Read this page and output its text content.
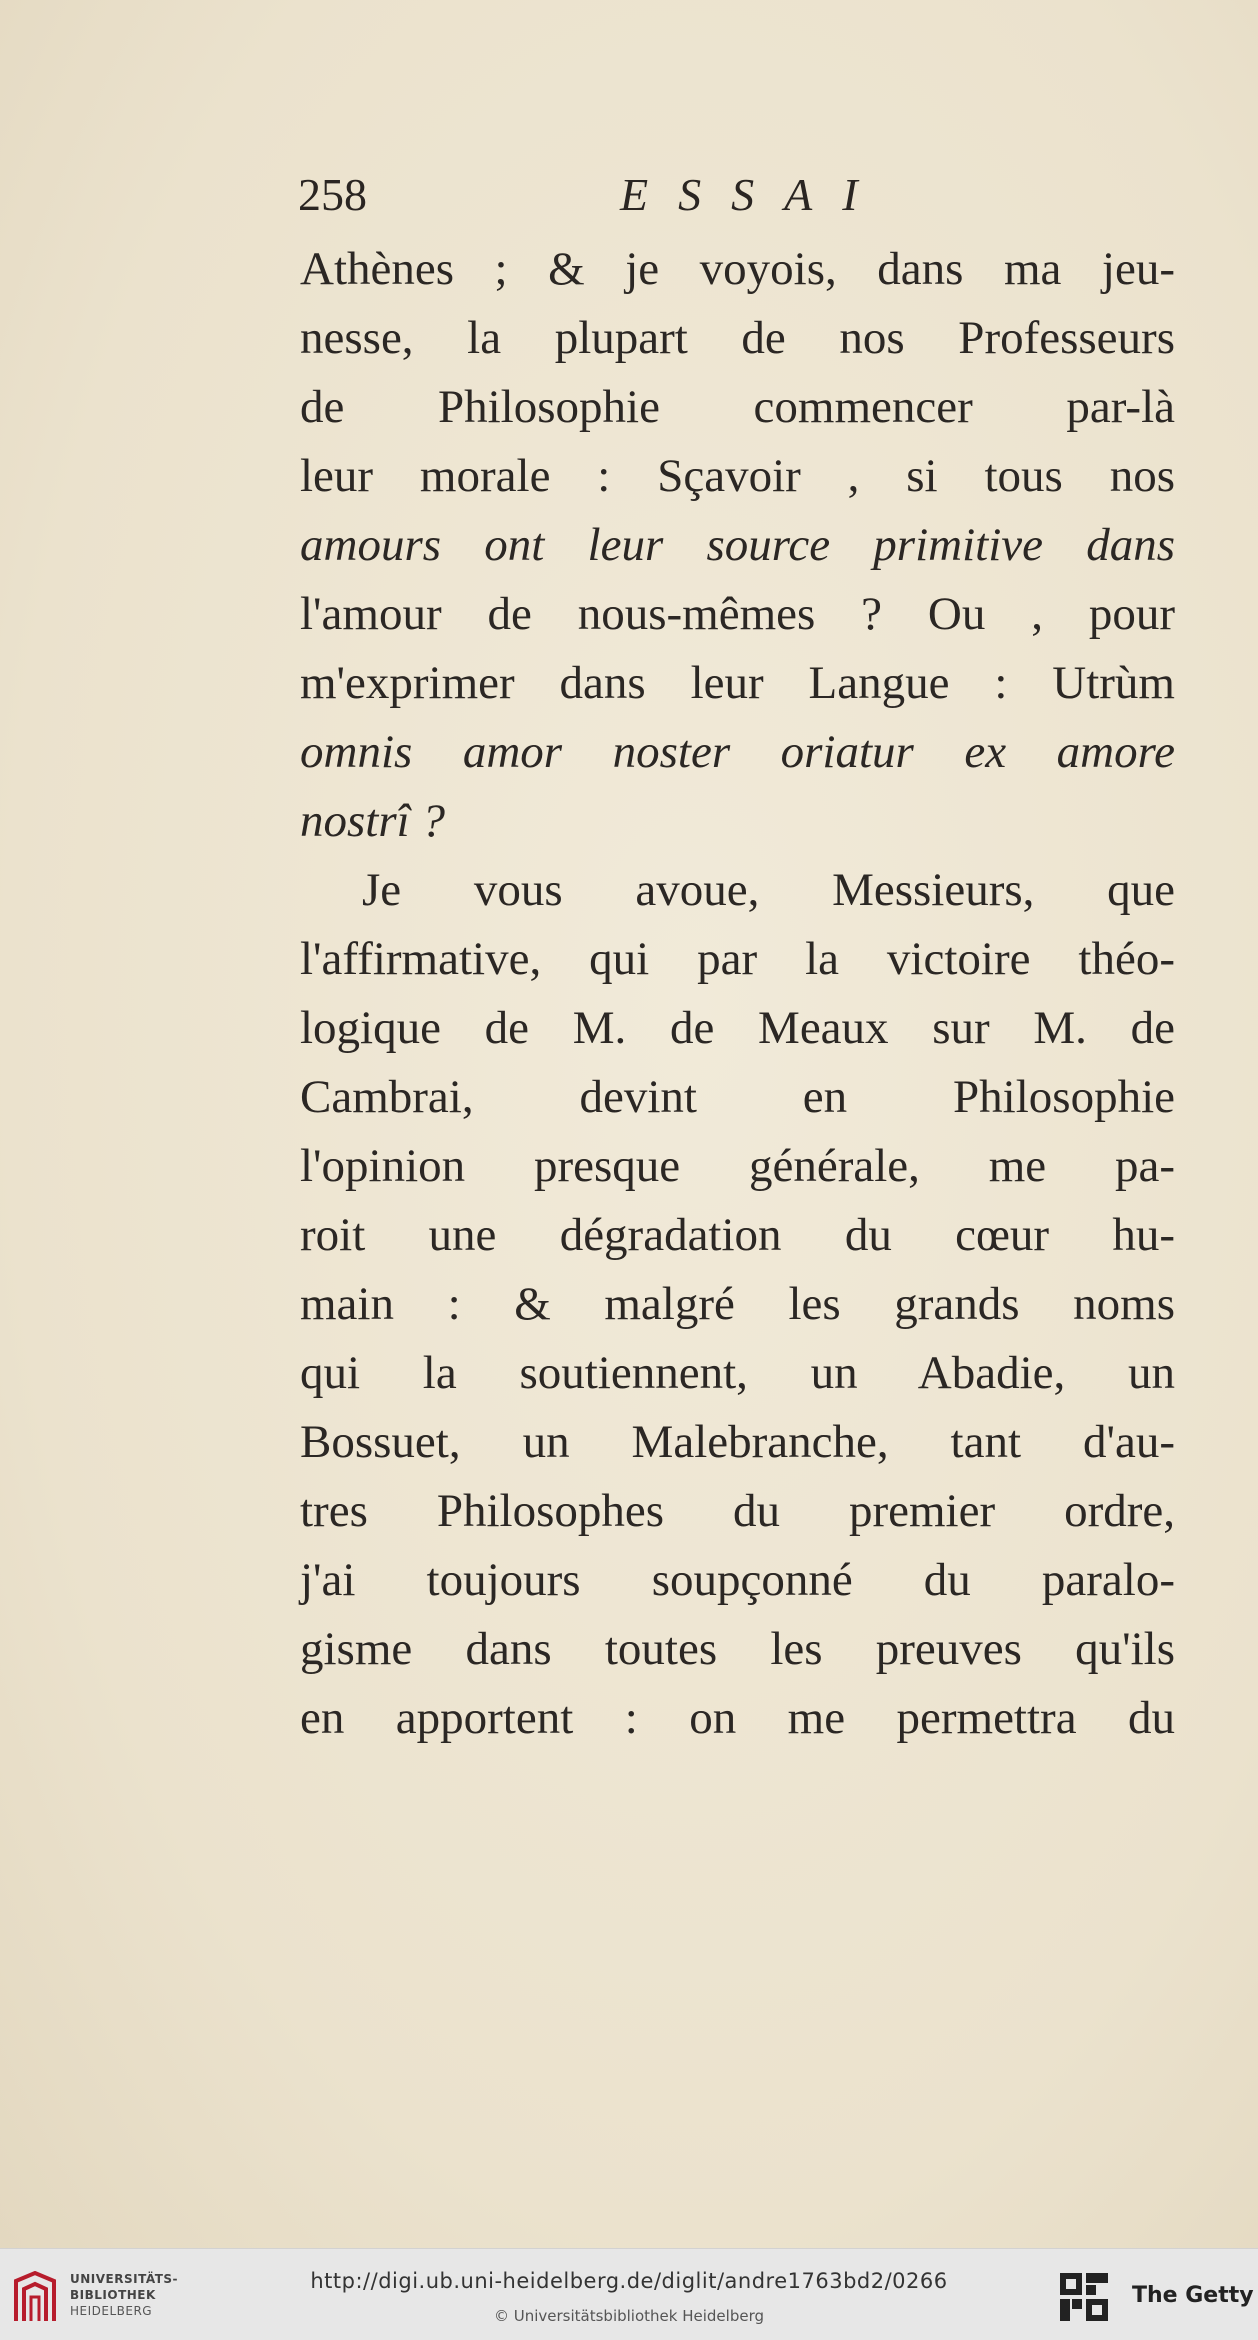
258	ESSAI
Athènes ; & je voyois, dans ma jeu-
nesse, la plupart de nos Professeurs
de Philosophie commencer par-là
leur morale : Sçavoir , si tous nos
amours ont leur source primitive dans
l'amour de nous-mêmes ? Ou , pour
m'exprimer dans leur Langue : Utrùm
omnis amor noster oriatur ex amore
nostrî ?
Je vous avoue, Messieurs, que
l'affirmative, qui par la victoire théo-
logique de M. de Meaux sur M. de
Cambrai, devint en Philosophie
l'opinion presque générale, me pa-
roit une dégradation du cœur hu-
main : & malgré les grands noms
qui la soutiennent, un Abadie, un
Bossuet, un Malebranche, tant d'au-
tres Philosophes du premier ordre,
j'ai toujours soupçonné du paralo-
gisme dans toutes les preuves qu'ils
en apportent : on me permettra du
UNIVERSITÄTS-
BIBLIOTHEK
HEIDELBERG
http://digi.ub.uni-heidelberg.de/diglit/andre1763bd2/0266
© Universitätsbibliothek Heidelberg
The Getty
